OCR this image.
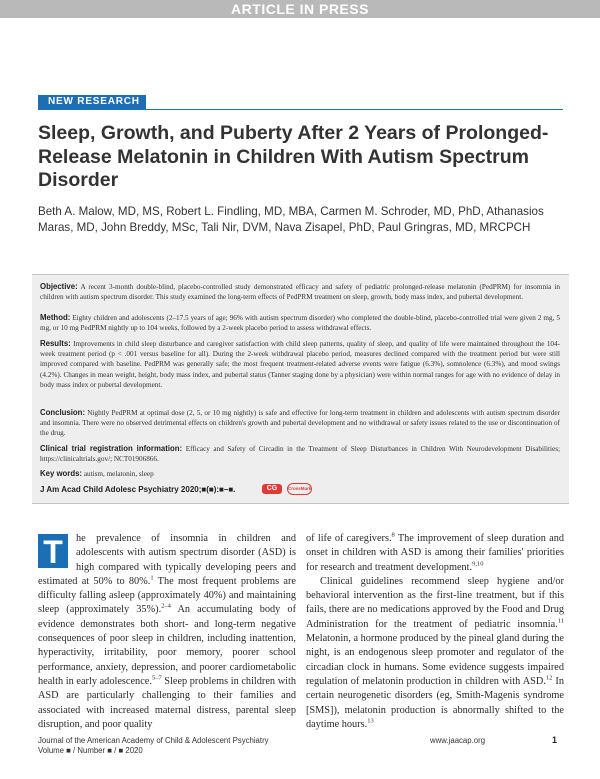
ARTICLE IN PRESS
NEW RESEARCH
Sleep, Growth, and Puberty After 2 Years of Prolonged-Release Melatonin in Children With Autism Spectrum Disorder

Beth A. Malow, MD, MS, Robert L. Findling, MD, MBA, Carmen M. Schroder, MD, PhD, Athanasios Maras, MD, John Breddy, MSc, Tali Nir, DVM, Nava Zisapel, PhD, Paul Gringras, MD, MRCPCH

Objective: A recent 3-month double-blind, placebo-controlled study demonstrated efficacy and safety of pediatric prolonged-release melatonin (PedPRM) for insomnia in children with autism spectrum disorder. This study examined the long-term effects of PedPRM treatment on sleep, growth, body mass index, and pubertal development.

Method: Eighty children and adolescents (2–17.5 years of age; 96% with autism spectrum disorder) who completed the double-blind, placebo-controlled trial were given 2 mg, 5 mg, or 10 mg PedPRM nightly up to 104 weeks, followed by a 2-week placebo period to assess withdrawal effects.

Results: Improvements in child sleep disturbance and caregiver satisfaction with child sleep patterns, quality of sleep, and quality of life were maintained throughout the 104-week treatment period (p < .001 versus baseline for all). During the 2-week withdrawal placebo period, measures declined compared with the treatment period but were still improved compared with baseline. PedPRM was generally safe; the most frequent treatment-related adverse events were fatigue (6.3%), somnolence (6.3%), and mood swings (4.2%). Changes in mean weight, height, body mass index, and pubertal status (Tanner staging done by a physician) were within normal ranges for age with no evidence of delay in body mass index or pubertal development.

Conclusion: Nightly PedPRM at optimal dose (2, 5, or 10 mg nightly) is safe and effective for long-term treatment in children and adolescents with autism spectrum disorder and insomnia. There were no observed detrimental effects on children's growth and pubertal development and no withdrawal or safety issues related to the use or discontinuation of the drug.

Clinical trial registration information: Efficacy and Safety of Circadin in the Treatment of Sleep Disturbances in Children With Neurodevelopment Disabilities; https://clinicaltrials.gov/; NCT01906866.

Key words: autism, melatonin, sleep

J Am Acad Child Adolesc Psychiatry 2020;■(■):■–■.	CG	CrossMark

T	he prevalence of insomnia in children and adolescents with autism spectrum disorder (ASD) is high compared with typically developing peers and estimated at 50% to 80%.$^1$ The most frequent problems are difficulty falling asleep (approximately 40%) and maintaining sleep (approximately 35%).$^{2-4}$ An accumulating body of evidence demonstrates both short- and long-term negative consequences of poor sleep in children, including inattention, hyperactivity, irritability, poor memory, poorer school performance, anxiety, depression, and poorer cardiometabolic health in early adolescence.$^{5-7}$ Sleep problems in children with ASD are particularly challenging to their families and associated with increased maternal distress, parental sleep disruption, and poor quality

of life of caregivers.$^8$ The improvement of sleep duration and onset in children with ASD is among their families' priorities for research and treatment development.$^{9,10}$

Clinical guidelines recommend sleep hygiene and/or behavioral intervention as the first-line treatment, but if this fails, there are no medications approved by the Food and Drug Administration for the treatment of pediatric insomnia.$^{11}$ Melatonin, a hormone produced by the pineal gland during the night, is an endogenous sleep promoter and regulator of the circadian clock in humans. Some evidence suggests impaired regulation of melatonin production in children with ASD.$^{12}$ In certain neurogenetic disorders (eg, Smith-Magenis syndrome [SMS]), melatonin production is abnormally shifted to the daytime hours.$^{13}$

Journal of the American Academy of Child & Adolescent Psychiatry
Volume ■ / Number ■ / ■ 2020

www.jaacap.org	1
